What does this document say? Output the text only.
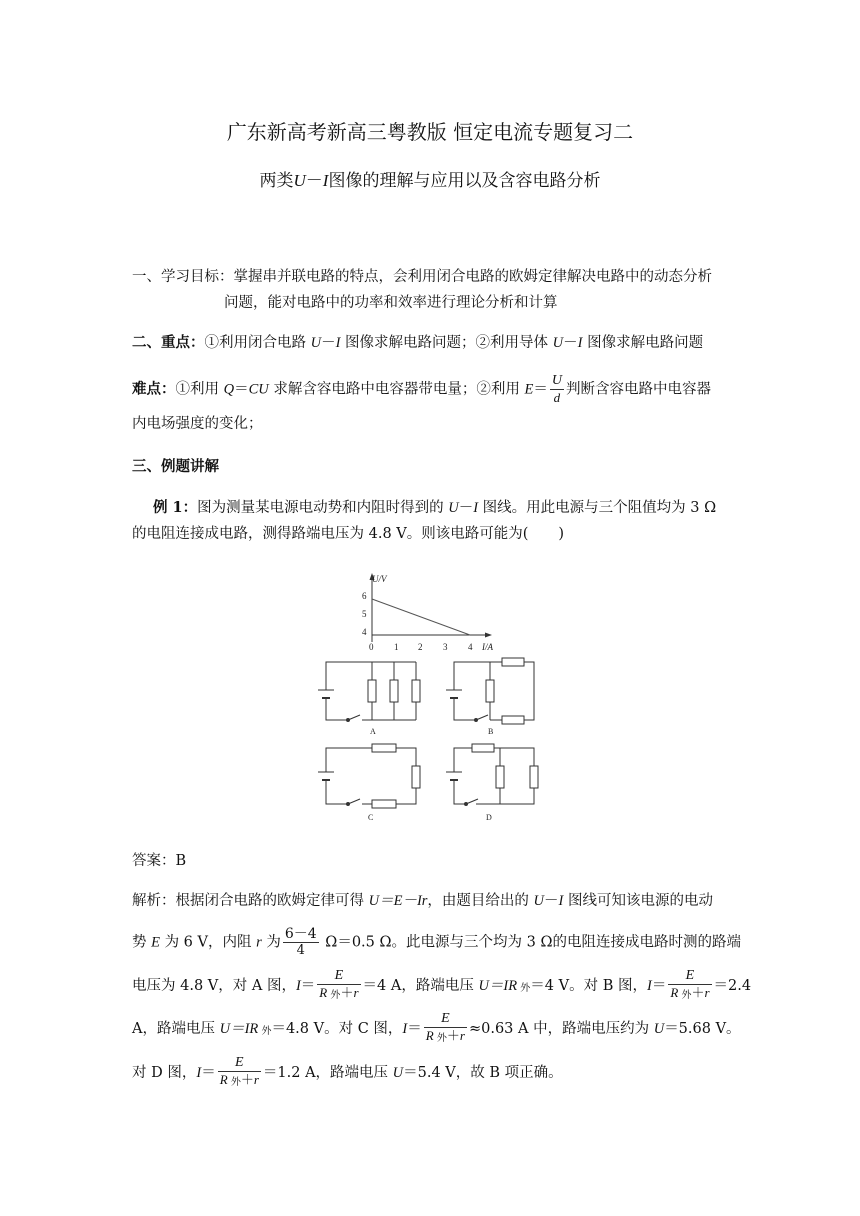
广东新高考新高三粤教版 恒定电流专题复习二
两类U－I图像的理解与应用以及含容电路分析
一、学习目标：掌握串并联电路的特点，会利用闭合电路的欧姆定律解决电路中的动态分析
问题，能对电路中的功率和效率进行理论分析和计算
二、重点：①利用闭合电路 U－I 图像求解电路问题；②利用导体 U－I 图像求解电路问题
难点：①利用 Q＝CU 求解含容电路中电容器带电量；②利用 $E= \frac{U}{d}$ 判断含容电路中电容器
内电场强度的变化；
三、例题讲解
例 1：图为测量某电源电动势和内阻时得到的 U－I 图线。用此电源与三个阻值均为 3 Ω
的电阻连接成电路，测得路端电压为 4.8 V。则该电路可能为( )
U/V
I/A
6
5
4
0 1 2 3 4
A	B
C	D
答案：B
解析：根据闭合电路的欧姆定律可得 U＝E－Ir，由题目给出的 U－I 图线可知该电源的电动
势 E 为 6 V，内阻 r 为 $\frac{6-4}{4} \Omega=0.5$ Ω。此电源与三个均为 3 Ω的电阻连接成电路时测的路端
电压为 4.8 V，对 A 图，$I= \frac{E}{\text{R 外＋r}} =4$ A，路端电压 U＝IR 外＝4 V。对 B 图，$I= \frac{E}{\text{R 外＋r}} =2.4$
A，路端电压 U＝IR 外＝4.8 V。对 C 图，$I= \frac{E}{\text{R 外＋r}} \approx 0.63$ A 中，路端电压约为 U＝5.68 V。
对 D 图，$I= \frac{E}{\text{R 外＋r}} =1.2$ A，路端电压 U＝5.4 V，故 B 项正确。
